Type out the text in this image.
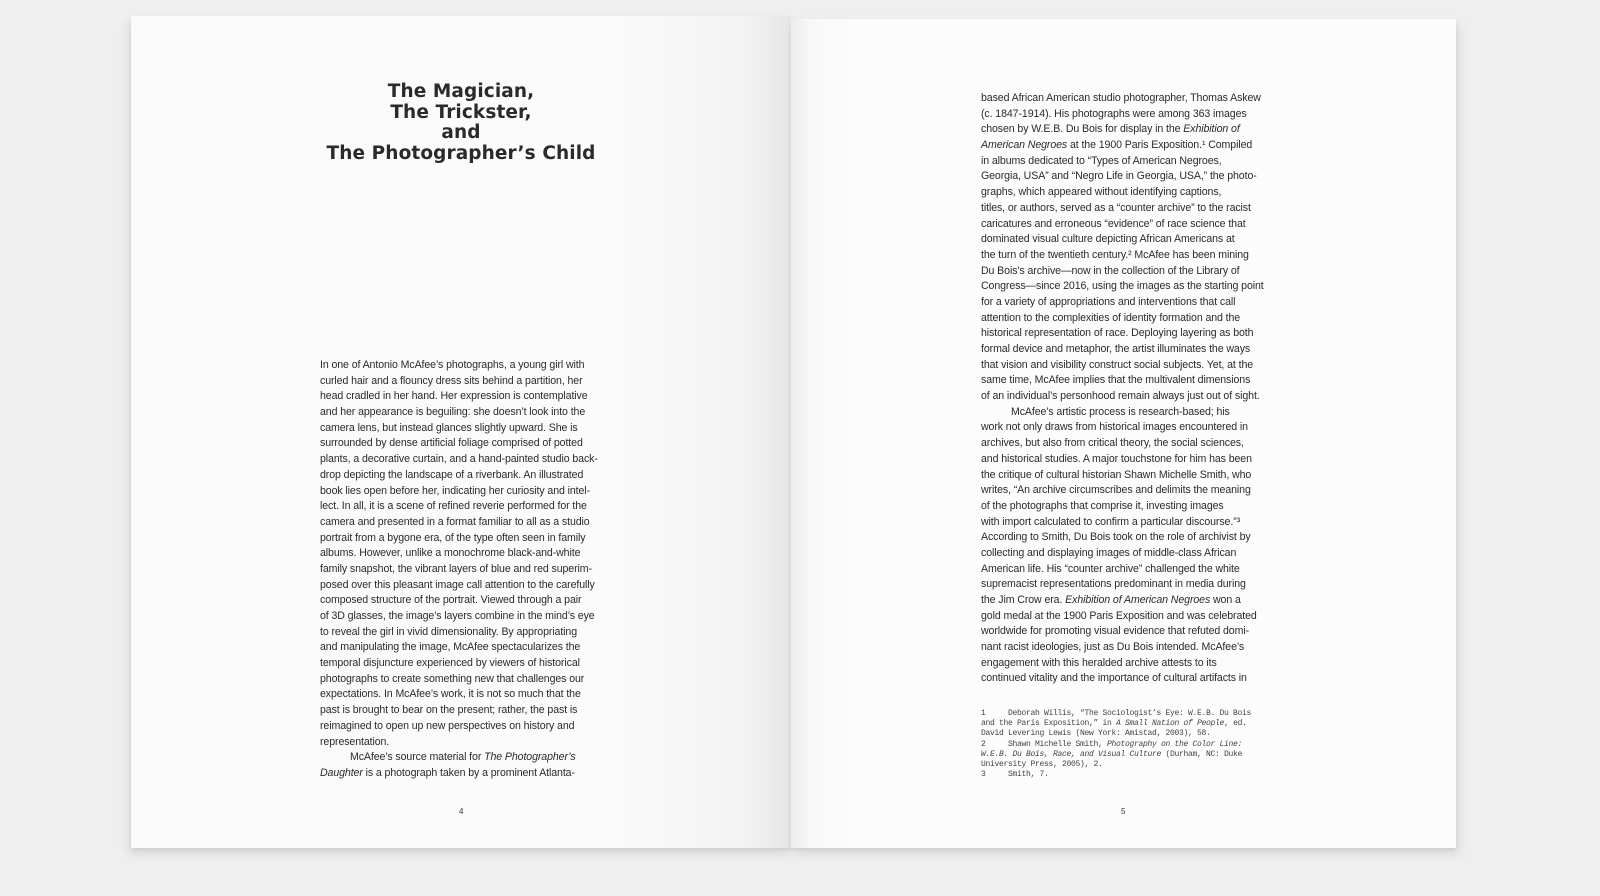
The Magician,
The Trickster,
and
The Photographer’s Child
In one of Antonio McAfee’s photographs, a young girl with
curled hair and a flouncy dress sits behind a partition, her
head cradled in her hand. Her expression is contemplative
and her appearance is beguiling: she doesn’t look into the
camera lens, but instead glances slightly upward. She is
surrounded by dense artificial foliage comprised of potted
plants, a decorative curtain, and a hand-painted studio back-
drop depicting the landscape of a riverbank. An illustrated
book lies open before her, indicating her curiosity and intel-
lect. In all, it is a scene of refined reverie performed for the
camera and presented in a format familiar to all as a studio
portrait from a bygone era, of the type often seen in family
albums. However, unlike a monochrome black-and-white
family snapshot, the vibrant layers of blue and red superim-
posed over this pleasant image call attention to the carefully
composed structure of the portrait. Viewed through a pair
of 3D glasses, the image’s layers combine in the mind’s eye
to reveal the girl in vivid dimensionality. By appropriating
and manipulating the image, McAfee spectacularizes the
temporal disjuncture experienced by viewers of historical
photographs to create something new that challenges our
expectations. In McAfee’s work, it is not so much that the
past is brought to bear on the present; rather, the past is
reimagined to open up new perspectives on history and
representation.
McAfee’s source material for The Photographer’s
Daughter is a photograph taken by a prominent Atlanta-
4
based African American studio photographer, Thomas Askew
(c. 1847-1914). His photographs were among 363 images
chosen by W.E.B. Du Bois for display in the Exhibition of
American Negroes at the 1900 Paris Exposition.¹ Compiled
in albums dedicated to “Types of American Negroes,
Georgia, USA” and “Negro Life in Georgia, USA,” the photo-
graphs, which appeared without identifying captions,
titles, or authors, served as a “counter archive” to the racist
caricatures and erroneous “evidence” of race science that
dominated visual culture depicting African Americans at
the turn of the twentieth century.² McAfee has been mining
Du Bois’s archive—now in the collection of the Library of
Congress—since 2016, using the images as the starting point
for a variety of appropriations and interventions that call
attention to the complexities of identity formation and the
historical representation of race. Deploying layering as both
formal device and metaphor, the artist illuminates the ways
that vision and visibility construct social subjects. Yet, at the
same time, McAfee implies that the multivalent dimensions
of an individual’s personhood remain always just out of sight.
McAfee’s artistic process is research-based; his
work not only draws from historical images encountered in
archives, but also from critical theory, the social sciences,
and historical studies. A major touchstone for him has been
the critique of cultural historian Shawn Michelle Smith, who
writes, “An archive circumscribes and delimits the meaning
of the photographs that comprise it, investing images
with import calculated to confirm a particular discourse.”³
According to Smith, Du Bois took on the role of archivist by
collecting and displaying images of middle-class African
American life. His “counter archive” challenged the white
supremacist representations predominant in media during
the Jim Crow era. Exhibition of American Negroes won a
gold medal at the 1900 Paris Exposition and was celebrated
worldwide for promoting visual evidence that refuted domi-
nant racist ideologies, just as Du Bois intended. McAfee’s
engagement with this heralded archive attests to its
continued vitality and the importance of cultural artifacts in
1     Deborah Willis, “The Sociologist’s Eye: W.E.B. Du Bois
and the Paris Exposition,” in A Small Nation of People, ed.
David Levering Lewis (New York: Amistad, 2003), 58.
2     Shawn Michelle Smith, Photography on the Color Line:
W.E.B. Du Bois, Race, and Visual Culture (Durham, NC: Duke
University Press, 2005), 2.
3     Smith, 7.
5
